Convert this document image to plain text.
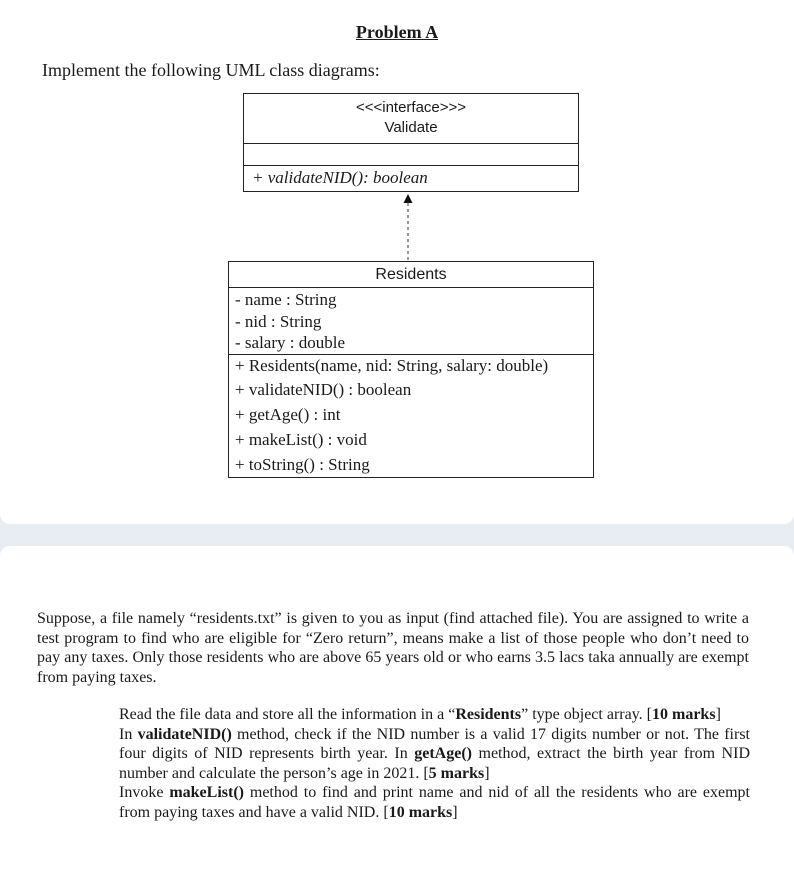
Problem A
Implement the following UML class diagrams:
<<<interface>>>
Validate
+ validateNID(): boolean
Residents
- name : String
- nid : String
- salary : double
+ Residents(name, nid: String, salary: double)
+ validateNID() : boolean
+ getAge() : int
+ makeList() : void
+ toString() : String
Suppose, a file namely “residents.txt” is given to you as input (find attached file). You are assigned to write a test program to find who are eligible for “Zero return”, means make a list of those people who don’t need to pay any taxes. Only those residents who are above 65 years old or who earns 3.5 lacs taka annually are exempt from paying taxes.
Read the file data and store all the information in a “Residents” type object array. [10 marks]
In validateNID() method, check if the NID number is a valid 17 digits number or not. The first four digits of NID represents birth year. In getAge() method, extract the birth year from NID number and calculate the person’s age in 2021. [5 marks]
Invoke makeList() method to find and print name and nid of all the residents who are exempt from paying taxes and have a valid NID. [10 marks]
